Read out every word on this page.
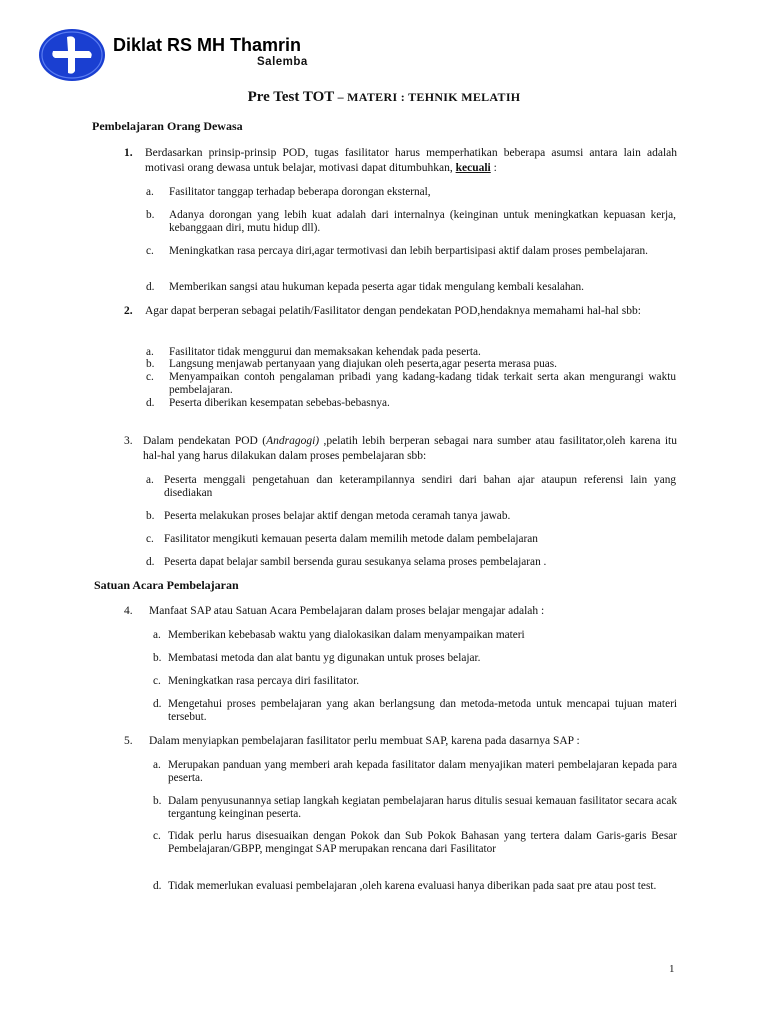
Diklat RS MH Thamrin
Salemba
Pre Test TOT – MATERI : TEHNIK MELATIH
Pembelajaran Orang Dewasa
1. Berdasarkan prinsip-prinsip POD, tugas fasilitator harus memperhatikan beberapa asumsi antara lain adalah motivasi orang dewasa untuk belajar, motivasi dapat ditumbuhkan, kecuali :
a. Fasilitator tanggap terhadap beberapa dorongan eksternal,
b. Adanya dorongan yang lebih kuat adalah dari internalnya (keinginan untuk meningkatkan kepuasan kerja, kebanggaan diri, mutu hidup dll).
c. Meningkatkan rasa percaya diri,agar termotivasi dan lebih berpartisipasi aktif dalam proses pembelajaran.
d. Memberikan sangsi atau hukuman kepada peserta agar tidak mengulang kembali kesalahan.
2. Agar dapat berperan sebagai pelatih/Fasilitator dengan pendekatan POD,hendaknya memahami hal-hal sbb:
a. Fasilitator tidak menggurui dan memaksakan kehendak pada peserta.
b. Langsung menjawab pertanyaan yang diajukan oleh peserta,agar peserta merasa puas.
c. Menyampaikan contoh pengalaman pribadi yang kadang-kadang tidak terkait serta akan mengurangi waktu pembelajaran.
d. Peserta diberikan kesempatan sebebas-bebasnya.
3. Dalam pendekatan POD (Andragogi) ,pelatih lebih berperan sebagai nara sumber atau fasilitator,oleh karena itu hal-hal yang harus dilakukan dalam proses pembelajaran sbb:
a. Peserta menggali pengetahuan dan keterampilannya sendiri dari bahan ajar ataupun referensi lain yang disediakan
b. Peserta melakukan proses belajar aktif dengan metoda ceramah tanya jawab.
c. Fasilitator mengikuti kemauan peserta dalam memilih metode dalam pembelajaran
d. Peserta dapat belajar sambil bersenda gurau sesukanya selama proses pembelajaran .
Satuan Acara Pembelajaran
4. Manfaat SAP atau Satuan Acara Pembelajaran dalam proses belajar mengajar adalah :
a. Memberikan kebebasab waktu yang dialokasikan dalam menyampaikan materi
b. Membatasi metoda dan alat bantu yg digunakan untuk proses belajar.
c. Meningkatkan rasa percaya diri fasilitator.
d. Mengetahui proses pembelajaran yang akan berlangsung dan metoda-metoda untuk mencapai tujuan materi tersebut.
5. Dalam menyiapkan pembelajaran fasilitator perlu membuat SAP, karena pada dasarnya SAP :
a. Merupakan panduan yang memberi arah kepada fasilitator dalam menyajikan materi pembelajaran kepada para peserta.
b. Dalam penyusunannya setiap langkah kegiatan pembelajaran harus ditulis sesuai kemauan fasilitator secara acak tergantung keinginan peserta.
c. Tidak perlu harus disesuaikan dengan Pokok dan Sub Pokok Bahasan yang tertera dalam Garis-garis Besar Pembelajaran/GBPP, mengingat SAP merupakan rencana dari Fasilitator
d. Tidak memerlukan evaluasi pembelajaran ,oleh karena evaluasi hanya diberikan pada saat pre atau post test.
1
